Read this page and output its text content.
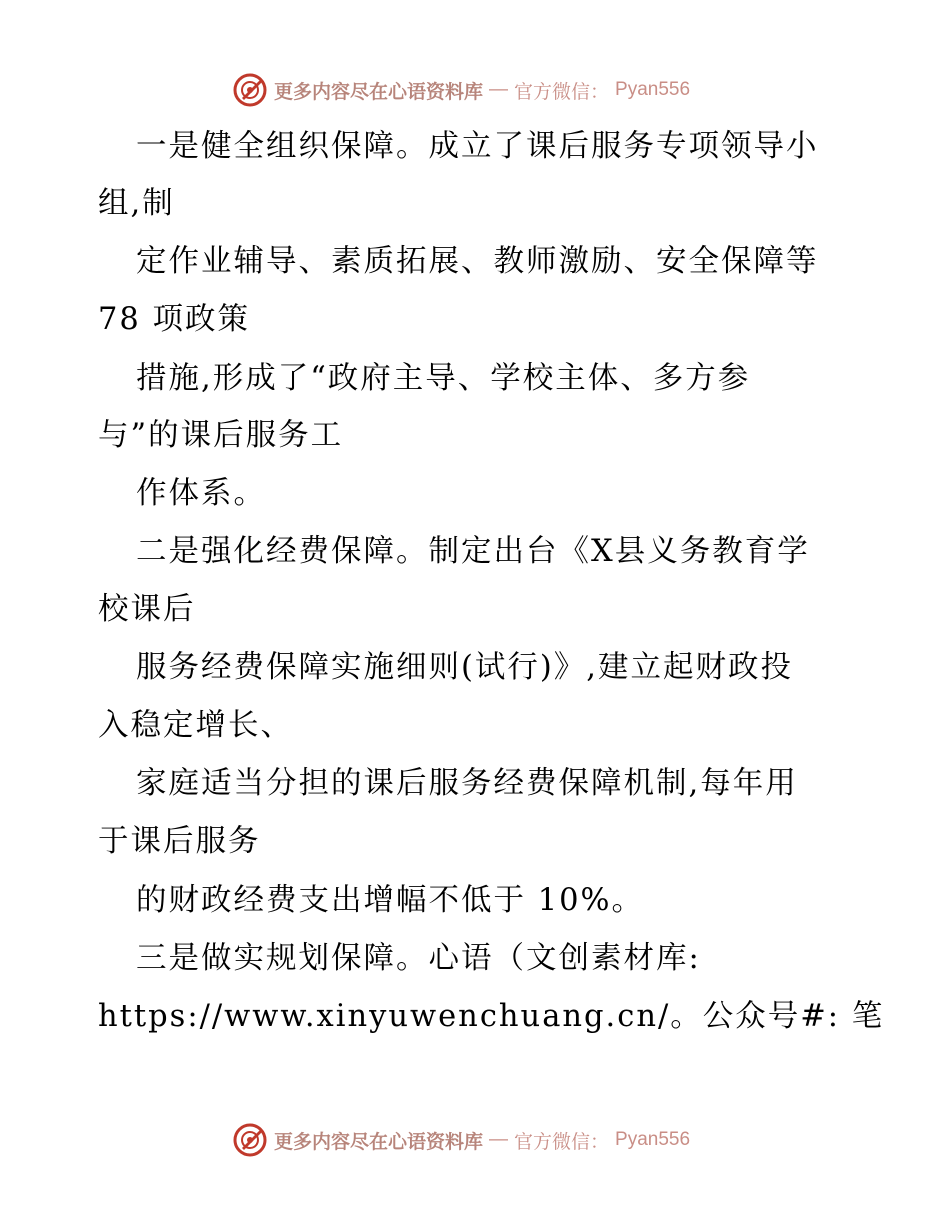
更多内容尽在心语资料库 — 官方微信： Pyan556
一是健全组织保障。成立了课后服务专项领导小
组,制
定作业辅导、素质拓展、教师激励、安全保障等
78 项政策
措施,形成了“政府主导、学校主体、多方参
与”的课后服务工
作体系。
二是强化经费保障。制定出台《X县义务教育学
校课后
服务经费保障实施细则(试行)》,建立起财政投
入稳定增长、
家庭适当分担的课后服务经费保障机制,每年用
于课后服务
的财政经费支出增幅不低于 10%。
三是做实规划保障。心语（文创素材库:
https://www.xinyuwenchuang.cn/。公众号#: 笔
更多内容尽在心语资料库 — 官方微信： Pyan556
